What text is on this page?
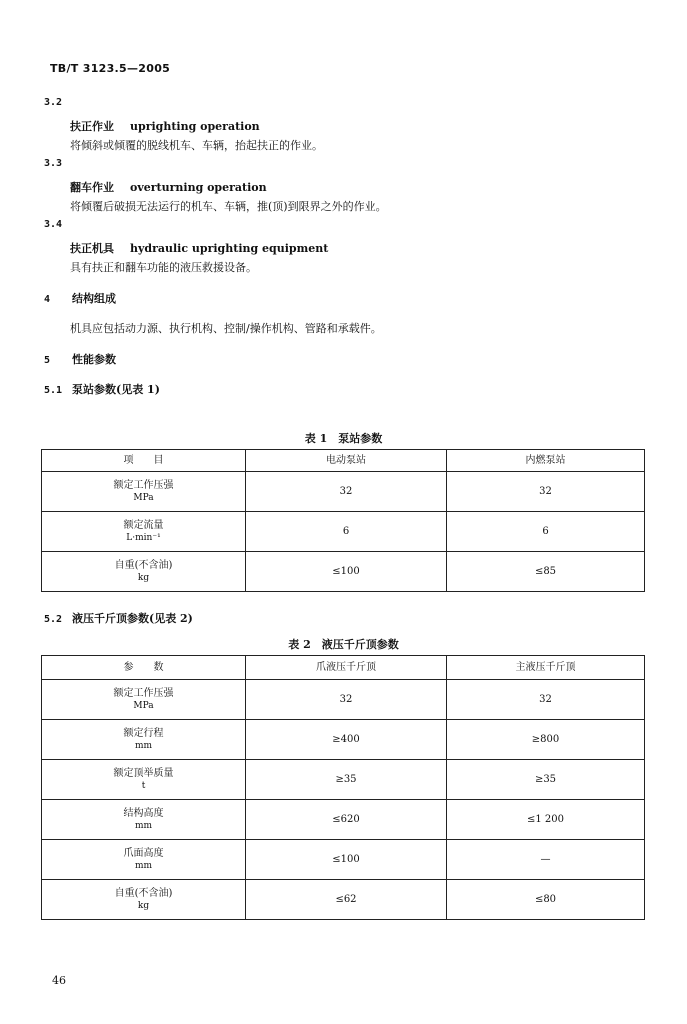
TB/T 3123.5—2005
3.2
扶正作业 uprighting operation
将倾斜或倾覆的脱线机车、车辆，抬起扶正的作业。
3.3
翻车作业 overturning operation
将倾覆后破损无法运行的机车、车辆，推(顶)到限界之外的作业。
3.4
扶正机具 hydraulic uprighting equipment
具有扶正和翻车功能的液压救援设备。
4 结构组成
机具应包括动力源、执行机构、控制/操作机构、管路和承载件。
5 性能参数
5.1 泵站参数(见表 1)
表 1　泵站参数
项　　目	电动泵站	内燃泵站

额定工作压强
MPa	32	32

额定流量
L·min⁻¹	6	6

自重(不含油)
kg	≤100	≤85
5.2 液压千斤顶参数(见表 2)
表 2　液压千斤顶参数
参　　数	爪液压千斤顶	主液压千斤顶

额定工作压强
MPa	32	32

额定行程
mm	≥400	≥800

额定顶举质量
t	≥35	≥35

结构高度
mm	≤620	≤1 200

爪面高度
mm	≤100	—

自重(不含油)
kg	≤62	≤80
46
